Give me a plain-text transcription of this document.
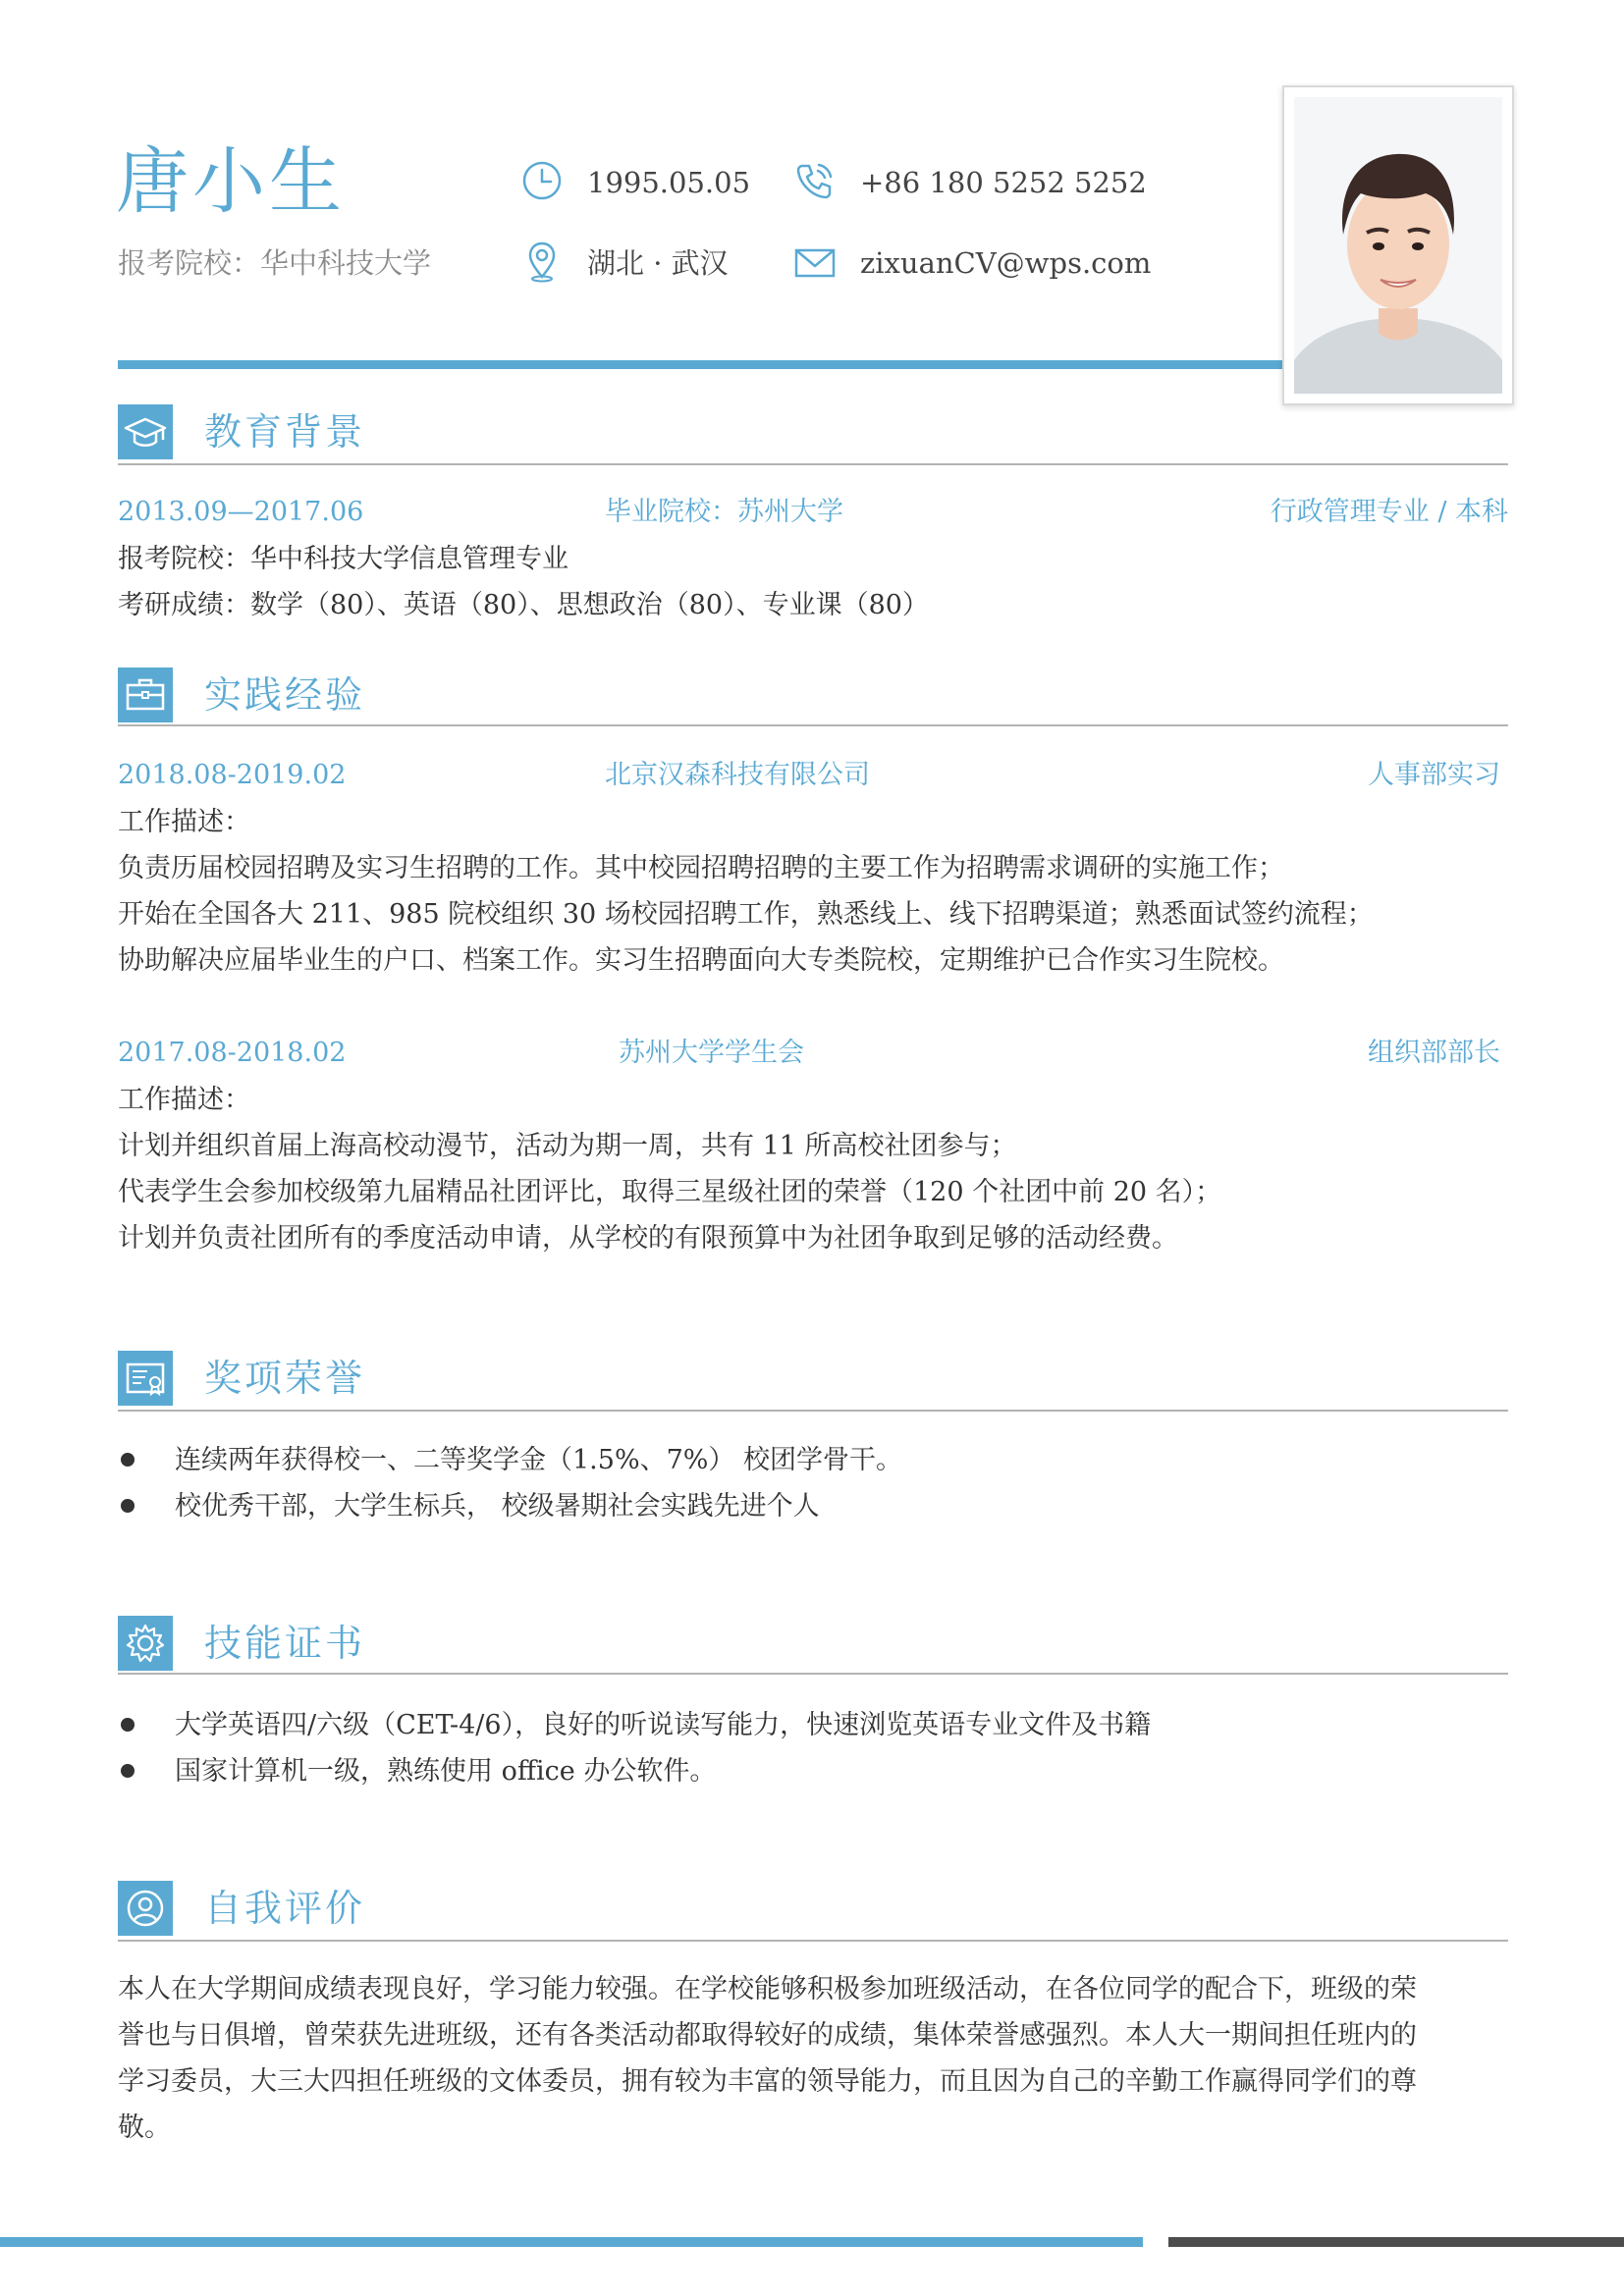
唐小生
报考院校：华中科技大学
1995.05.05	+86 180 5252 5252
湖北 · 武汉	zixuanCV@wps.com
教育背景
2013.09—2017.06	毕业院校：苏州大学	行政管理专业 / 本科
报考院校：华中科技大学信息管理专业
考研成绩：数学（80）、英语（80）、思想政治（80）、专业课（80）
实践经验
2018.08-2019.02	北京汉森科技有限公司	人事部实习
工作描述：
负责历届校园招聘及实习生招聘的工作。其中校园招聘招聘的主要工作为招聘需求调研的实施工作；
开始在全国各大 211、985 院校组织 30 场校园招聘工作，熟悉线上、线下招聘渠道；熟悉面试签约流程；
协助解决应届毕业生的户口、档案工作。实习生招聘面向大专类院校，定期维护已合作实习生院校。
2017.08-2018.02	苏州大学学生会	组织部部长
工作描述：
计划并组织首届上海高校动漫节，活动为期一周，共有 11 所高校社团参与；
代表学生会参加校级第九届精品社团评比，取得三星级社团的荣誉（120 个社团中前 20 名）；
计划并负责社团所有的季度活动申请，从学校的有限预算中为社团争取到足够的活动经费。
奖项荣誉
连续两年获得校一、二等奖学金（1.5%、7%） 校团学骨干。
校优秀干部，大学生标兵， 校级暑期社会实践先进个人
技能证书
大学英语四/六级（CET-4/6），良好的听说读写能力，快速浏览英语专业文件及书籍
国家计算机一级，熟练使用 office 办公软件。
自我评价
本人在大学期间成绩表现良好，学习能力较强。在学校能够积极参加班级活动，在各位同学的配合下，班级的荣
誉也与日俱增，曾荣获先进班级，还有各类活动都取得较好的成绩，集体荣誉感强烈。本人大一期间担任班内的
学习委员，大三大四担任班级的文体委员，拥有较为丰富的领导能力，而且因为自己的辛勤工作赢得同学们的尊
敬。
